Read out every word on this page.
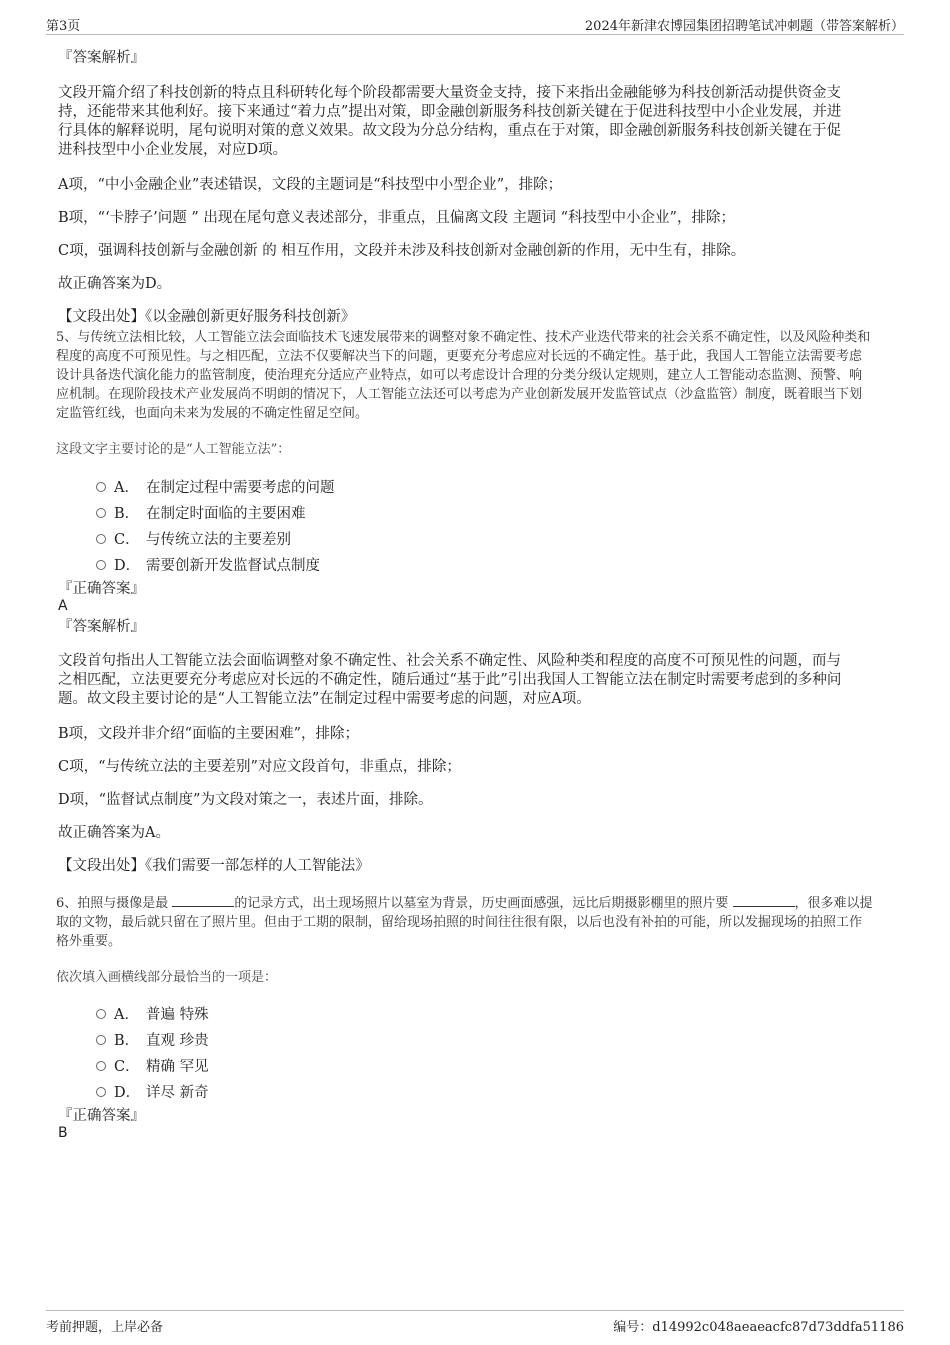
第3页	2024年新津农博园集团招聘笔试冲刺题（带答案解析）
『答案解析』
文段开篇介绍了科技创新的特点且科研转化每个阶段都需要大量资金支持，接下来指出金融能够为科技创新活动提供资金支
持，还能带来其他利好。接下来通过“着力点”提出对策，即金融创新服务科技创新关键在于促进科技型中小企业发展，并进
行具体的解释说明，尾句说明对策的意义效果。故文段为分总分结构，重点在于对策，即金融创新服务科技创新关键在于促
进科技型中小企业发展，对应D项。
A项，“中小金融企业”表述错误，文段的主题词是“科技型中小型企业”，排除；
B项，“‘卡脖子’问题 ” 出现在尾句意义表述部分，非重点，且偏离文段 主题词 “科技型中小企业”，排除；
C项，强调科技创新与金融创新 的 相互作用，文段并未涉及科技创新对金融创新的作用，无中生有，排除。
故正确答案为D。
【文段出处】《以金融创新更好服务科技创新》
5、与传统立法相比较，人工智能立法会面临技术飞速发展带来的调整对象不确定性、技术产业迭代带来的社会关系不确定性，以及风险种类和
程度的高度不可预见性。与之相匹配，立法不仅要解决当下的问题，更要充分考虑应对长远的不确定性。基于此，我国人工智能立法需要考虑
设计具备迭代演化能力的监管制度，使治理充分适应产业特点，如可以考虑设计合理的分类分级认定规则，建立人工智能动态监测、预警、响
应机制。在现阶段技术产业发展尚不明朗的情况下，人工智能立法还可以考虑为产业创新发展开发监管试点（沙盒监管）制度，既着眼当下划
定监管红线，也面向未来为发展的不确定性留足空间。
这段文字主要讨论的是“人工智能立法”：
A． 在制定过程中需要考虑的问题
B． 在制定时面临的主要困难
C． 与传统立法的主要差别
D． 需要创新开发监督试点制度
『正确答案』
A
『答案解析』
文段首句指出人工智能立法会面临调整对象不确定性、社会关系不确定性、风险种类和程度的高度不可预见性的问题，而与
之相匹配，立法更要充分考虑应对长远的不确定性，随后通过“基于此”引出我国人工智能立法在制定时需要考虑到的多种问
题。故文段主要讨论的是“人工智能立法”在制定过程中需要考虑的问题，对应A项。
B项，文段并非介绍“面临的主要困难”，排除；
C项，“与传统立法的主要差别”对应文段首句，非重点，排除；
D项，“监督试点制度”为文段对策之一，表述片面，排除。
故正确答案为A。
【文段出处】《我们需要一部怎样的人工智能法》
6、拍照与摄像是最	的记录方式，出土现场照片以墓室为背景，历史画面感强，远比后期摄影棚里的照片要	，很多难以提
取的文物，最后就只留在了照片里。但由于工期的限制，留给现场拍照的时间往往很有限，以后也没有补拍的可能，所以发掘现场的拍照工作
格外重要。
依次填入画横线部分最恰当的一项是：
A． 普遍 特殊
B． 直观 珍贵
C． 精确 罕见
D． 详尽 新奇
『正确答案』
B
考前押题，上岸必备	编号：d14992c048aeaeacfc87d73ddfa51186
